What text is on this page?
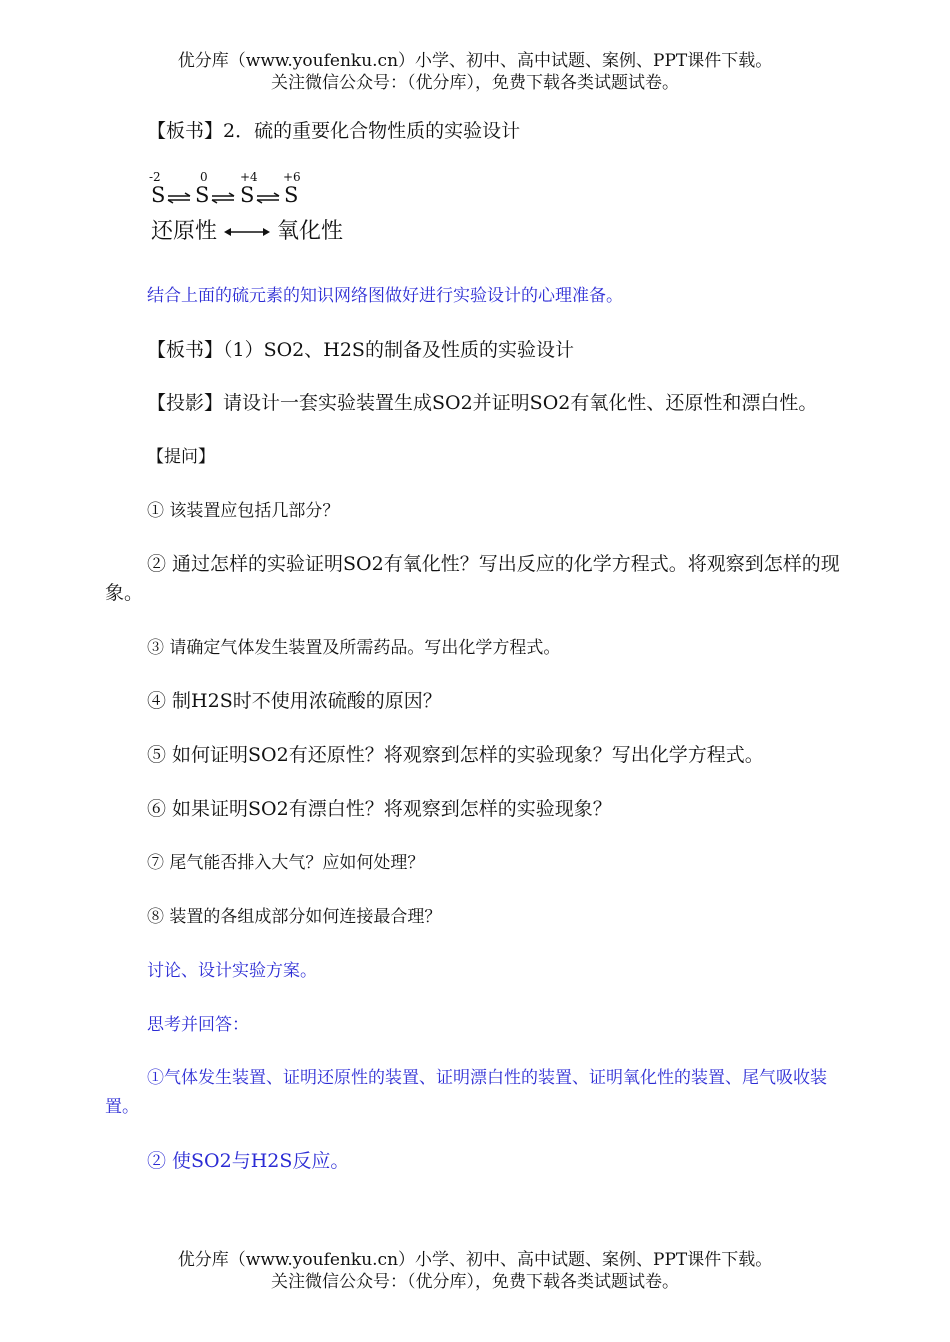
优分库（www.youfenku.cn）小学、初中、高中试题、案例、PPT课件下载。
关注微信公众号：（优分库），免费下载各类试题试卷。
【板书】2．硫的重要化合物性质的实验设计
-2	0	+4 +6
S ⇌ S ⇌ S ⇌ S
还原性	氧化性
结合上面的硫元素的知识网络图做好进行实验设计的心理准备。
【板书】（1）SO2、H2S的制备及性质的实验设计
【投影】请设计一套实验装置生成SO2并证明SO2有氧化性、还原性和漂白性。
【提问】
① 该装置应包括几部分？
② 通过怎样的实验证明SO2有氧化性？写出反应的化学方程式。将观察到怎样的现象。
③ 请确定气体发生装置及所需药品。写出化学方程式。
④ 制H2S时不使用浓硫酸的原因？
⑤ 如何证明SO2有还原性？将观察到怎样的实验现象？写出化学方程式。
⑥ 如果证明SO2有漂白性？将观察到怎样的实验现象？
⑦ 尾气能否排入大气？应如何处理？
⑧ 装置的各组成部分如何连接最合理？
讨论、设计实验方案。
思考并回答：
①气体发生装置、证明还原性的装置、证明漂白性的装置、证明氧化性的装置、尾气吸收装置。
② 使SO2与H2S反应。
优分库（www.youfenku.cn）小学、初中、高中试题、案例、PPT课件下载。
关注微信公众号：（优分库），免费下载各类试题试卷。
